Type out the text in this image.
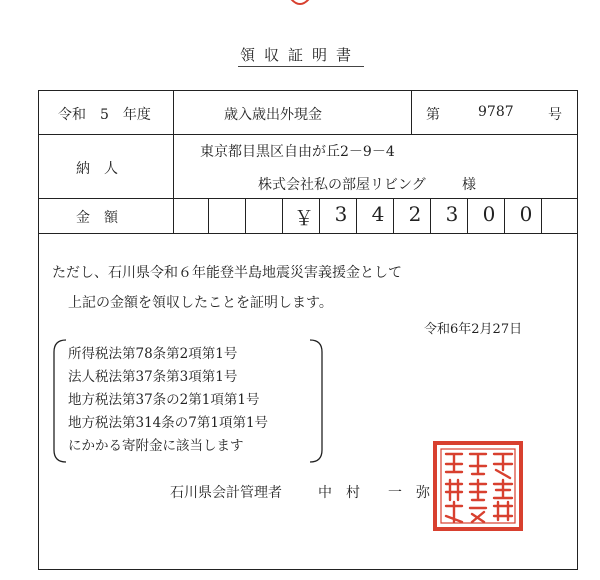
領収証明書
令和　5　年度	歳入歳出外現金	第	9787 号
納　人
東京都目黒区自由が丘2－9－4
株式会社私の部屋リビング	様
金　額	￥	3	4	2	3	0	0
ただし、石川県令和６年能登半島地震災害義援金として
上記の金額を領収したことを証明します。
令和6年2月27日
所得税法第78条第2項第1号
法人税法第37条第3項第1号
地方税法第37条の2第1項第1号
地方税法第314条の7第1項第1号
にかかる寄附金に該当します
石川県会計管理者	中　村　　一　弥
